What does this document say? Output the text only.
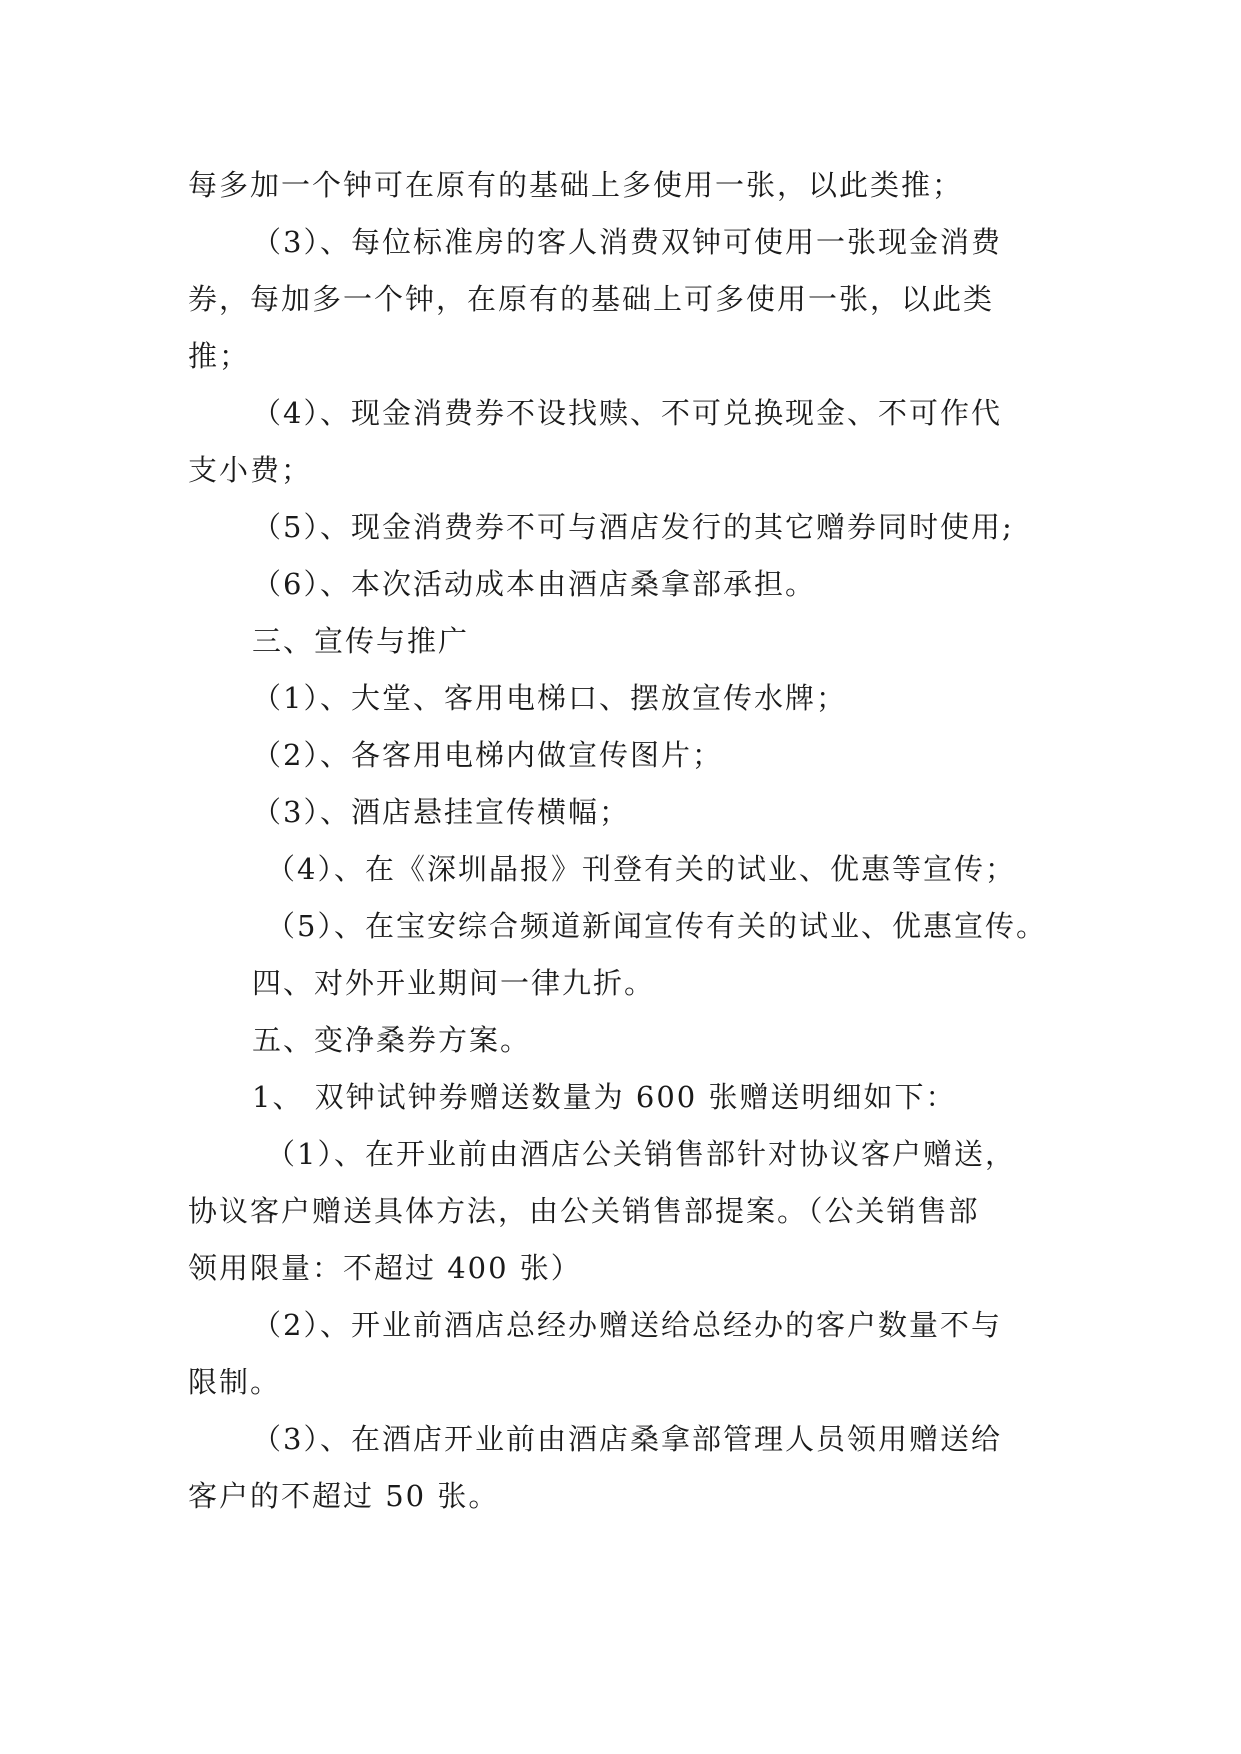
每多加一个钟可在原有的基础上多使用一张，以此类推；
（3）、每位标准房的客人消费双钟可使用一张现金消费
券，每加多一个钟，在原有的基础上可多使用一张，以此类
推；
（4）、现金消费券不设找赎、不可兑换现金、不可作代
支小费；
（5）、现金消费券不可与酒店发行的其它赠券同时使用;
（6）、本次活动成本由酒店桑拿部承担。
三、宣传与推广
（1）、大堂、客用电梯口、摆放宣传水牌；
（2）、各客用电梯内做宣传图片；
（3）、酒店悬挂宣传横幅；
（4）、在《深圳晶报》刊登有关的试业、优惠等宣传；
（5）、在宝安综合频道新闻宣传有关的试业、优惠宣传。
四、对外开业期间一律九折。
五、变净桑券方案。
1、 双钟试钟券赠送数量为 600 张赠送明细如下：
（1）、在开业前由酒店公关销售部针对协议客户赠送，
协议客户赠送具体方法，由公关销售部提案。（公关销售部
领用限量：不超过 400 张）
（2）、开业前酒店总经办赠送给总经办的客户数量不与
限制。
（3）、在酒店开业前由酒店桑拿部管理人员领用赠送给
客户的不超过 50 张。
